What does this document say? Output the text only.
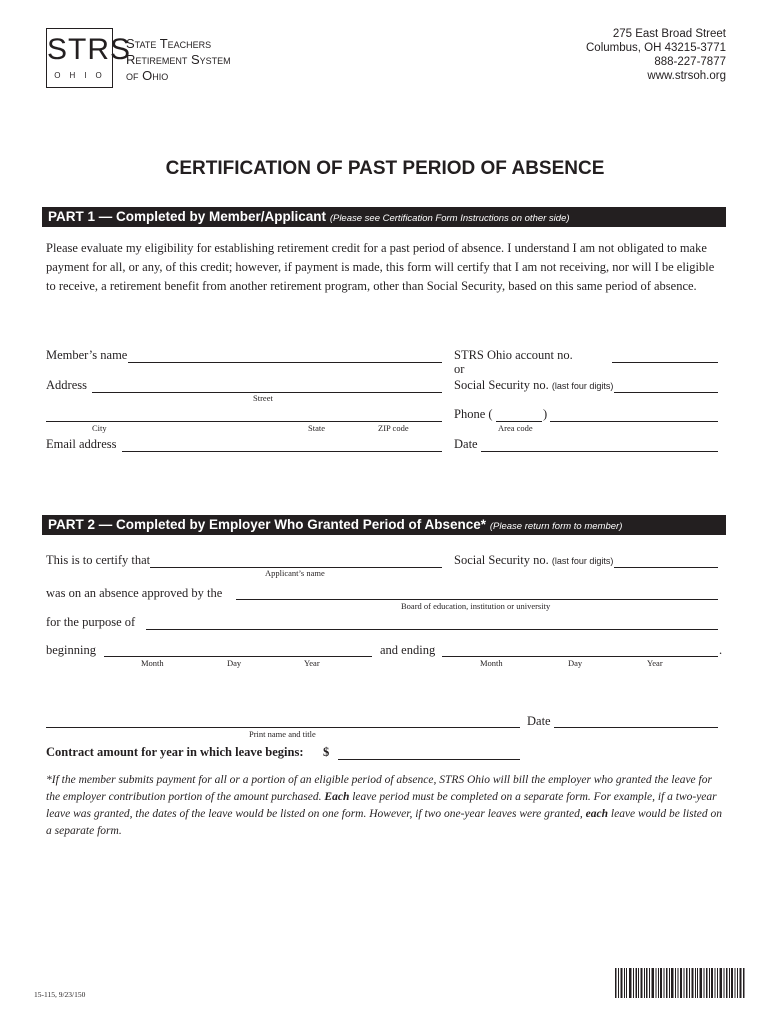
STRS
OHIO
State Teachers
Retirement System
of Ohio
275 East Broad Street
Columbus, OH 43215-3771
888-227-7877
www.strsoh.org
CERTIFICATION OF PAST PERIOD OF ABSENCE
PART 1 — Completed by Member/Applicant (Please see Certification Form Instructions on other side)
Please evaluate my eligibility for establishing retirement credit for a past period of absence. I understand I am not obligated to make payment for all, or any, of this credit; however, if payment is made, this form will certify that I am not receiving, nor will I be eligible to receive, a retirement benefit from another retirement program, other than Social Security, based on this same period of absence.
Member’s name
Address
Street
City	State	ZIP code
Email address
STRS Ohio account no.
or
Social Security no. (last four digits)
Phone (	)
Area code
Date
PART 2 — Completed by Employer Who Granted Period of Absence* (Please return form to member)
This is to certify that
Applicant’s name
Social Security no. (last four digits)
was on an absence approved by the
Board of education, institution or university
for the purpose of
beginning
Month	Day	Year
and ending	.
Month	Day	Year
Print name and title
Date
Contract amount for year in which leave begins: $
*If the member submits payment for all or a portion of an eligible period of absence, STRS Ohio will bill the employer who granted the leave for the employer contribution portion of the amount purchased. Each leave period must be completed on a separate form. For example, if a two-year leave was granted, the dates of the leave would be listed on one form. However, if two one-year leaves were granted, each leave would be listed on a separate form.
15-115, 9/23/150
